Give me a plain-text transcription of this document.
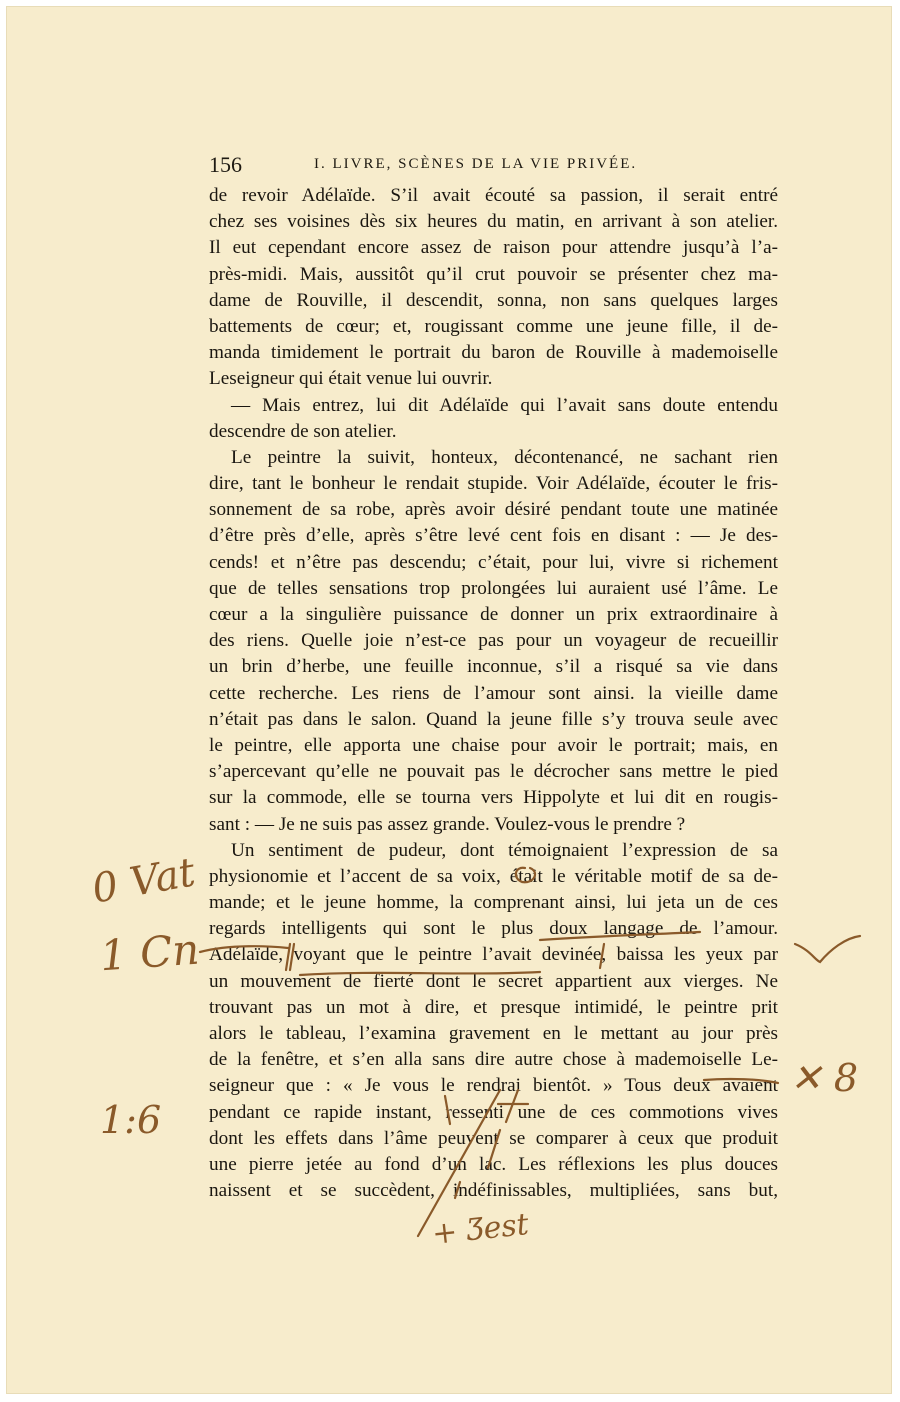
156	I. LIVRE, SCÈNES DE LA VIE PRIVÉE.
de revoir Adélaïde. S’il avait écouté sa passion, il serait entré
chez ses voisines dès six heures du matin, en arrivant à son atelier.
Il eut cependant encore assez de raison pour attendre jusqu’à l’a-
près-midi. Mais, aussitôt qu’il crut pouvoir se présenter chez ma-
dame de Rouville, il descendit, sonna, non sans quelques larges
battements de cœur; et, rougissant comme une jeune fille, il de-
manda timidement le portrait du baron de Rouville à mademoiselle
Leseigneur qui était venue lui ouvrir.
— Mais entrez, lui dit Adélaïde qui l’avait sans doute entendu
descendre de son atelier.
Le peintre la suivit, honteux, décontenancé, ne sachant rien
dire, tant le bonheur le rendait stupide. Voir Adélaïde, écouter le fris-
sonnement de sa robe, après avoir désiré pendant toute une matinée
d’être près d’elle, après s’être levé cent fois en disant : — Je des-
cends! et n’être pas descendu; c’était, pour lui, vivre si richement
que de telles sensations trop prolongées lui auraient usé l’âme. Le
cœur a la singulière puissance de donner un prix extraordinaire à
des riens. Quelle joie n’est-ce pas pour un voyageur de recueillir
un brin d’herbe, une feuille inconnue, s’il a risqué sa vie dans
cette recherche. Les riens de l’amour sont ainsi. la vieille dame
n’était pas dans le salon. Quand la jeune fille s’y trouva seule avec
le peintre, elle apporta une chaise pour avoir le portrait; mais, en
s’apercevant qu’elle ne pouvait pas le décrocher sans mettre le pied
sur la commode, elle se tourna vers Hippolyte et lui dit en rougis-
sant : — Je ne suis pas assez grande. Voulez-vous le prendre ?
Un sentiment de pudeur, dont témoignaient l’expression de sa
physionomie et l’accent de sa voix, était le véritable motif de sa de-
mande; et le jeune homme, la comprenant ainsi, lui jeta un de ces
regards intelligents qui sont le plus doux langage de l’amour.
Adélaïde, voyant que le peintre l’avait devinée, baissa les yeux par
un mouvement de fierté dont le secret appartient aux vierges. Ne
trouvant pas un mot à dire, et presque intimidé, le peintre prit
alors le tableau, l’examina gravement en le mettant au jour près
de la fenêtre, et s’en alla sans dire autre chose à mademoiselle Le-
seigneur que : « Je vous le rendrai bientôt. » Tous deux avaient
pendant ce rapide instant, ressenti une de ces commotions vives
dont les effets dans l’âme peuvent se comparer à ceux que produit
une pierre jetée au fond d’un lac. Les réflexions les plus douces
naissent et se succèdent, indéfinissables, multipliées, sans but,
0 Vat
1 Cn
1:6
✕ 8
+ Ʒest
